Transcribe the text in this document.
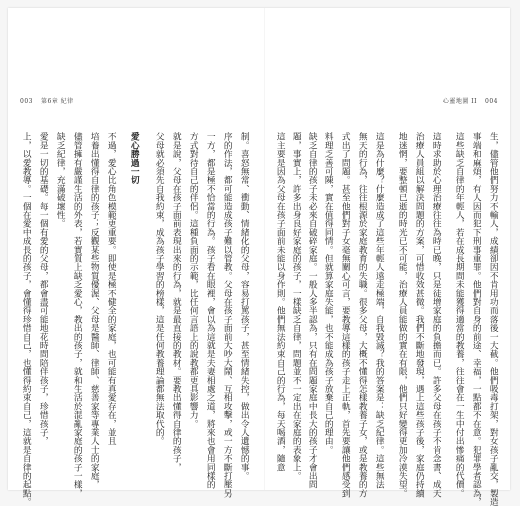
003 第6章 紀律	心靈地圖 II 004
生，儘管他們努力不輸人，成績卻因不肯用功而落後一大截。他們吸毒打架，對女孩子亂交，製造
事端和麻煩，有人因而犯下刑事重罪。他們對自身的前途、幸福，一點都不在意。犯罪學者認為，
這些缺乏自律的年輕人，若在成長期間未能獲得適當的教養，往往會在一生中付出慘痛的代價。
這時求助於心理治療往往為時已晚，只是徒增家庭的負擔而已。許多父母在孩子不肯念書、成天
治療人員組以解決問題的方案，可惜收效甚微。我們不斷地發現，遇上這些孩子後，家庭仍持續
地迷惘，要整頓已逝的時光已不可能，治療人員能做的實在有限，他們只好變得更加冷漠失望。
這是為什麼？什麼造成了這些年輕人遠走極端，自我毀滅？我的答案是：缺乏紀律。這些無法
無天的行為，往往根源於家庭教育的失職。很多父母，大概不懂得怎樣教養子女，或是教養的方
式出了問題。甚至他們對子女毫無關心可言，要教導這樣的孩子走上正軌，首先要讓他們感受到
料理乏善可陳，實在值得同情。但就算家庭失能，也不能成為孩子放棄自己的理由。
缺乏自律的孩子未必來自破碎家庭。一般人多半認為，只有在問題家庭中長大的孩子才會出問
題，事實上，許多出身良好家庭的孩子，一樣缺乏自律，問題並不一定出在家庭的表象上。
這主要是因為父母在孩子面前未能以身作則。他們無法約束自己的行為，每天喝酒，隨意
制。喜怒無常、衝動、情緒化的父母，容易打罵孩子，甚至情緒失控，做出令人遺憾的事。
序的作法，都可能造成孩子難以管教。父母在孩子面前大吵大鬧、互相攻擊，或一方不斷打壓另
一方，都是極不恰當的行為。孩子看在眼裡，會以為這就是夫妻相處之道，將來也會用同樣的
方式對待自己的伴侶。這種負面的示範，比任何言語上的說教都更具影響力。
就是說，父母在孩子面前表現出來的行為，就是最直接的教材。要教出懂得自律的孩子，
父母就必須先自我約束，成為孩子學習的榜樣，這是任何教養理論都無法取代的。
愛心勝過一切
不過，愛心比角色模範更重要。即使是極不健全的家庭，也可能有真愛存在，並且
培養出懂得自律的孩子；反觀某些物質優渥、父母是醫師、律師、慈善家等專業人士的家庭，
儘管擁有嚴謹生活的外表，若實質上缺乏愛心，教出的孩子，就和生活於混亂家庭的孩子一樣，
缺乏紀律，充滿破壞性。
愛是一切的基礎。每一個有愛的父母，都會盡可能地花時間陪伴孩子，珍惜孩子，
上，以愛教導。一個在愛中成長的孩子，會懂得珍惜自己，也懂得約束自己，這就是自律的起點。
